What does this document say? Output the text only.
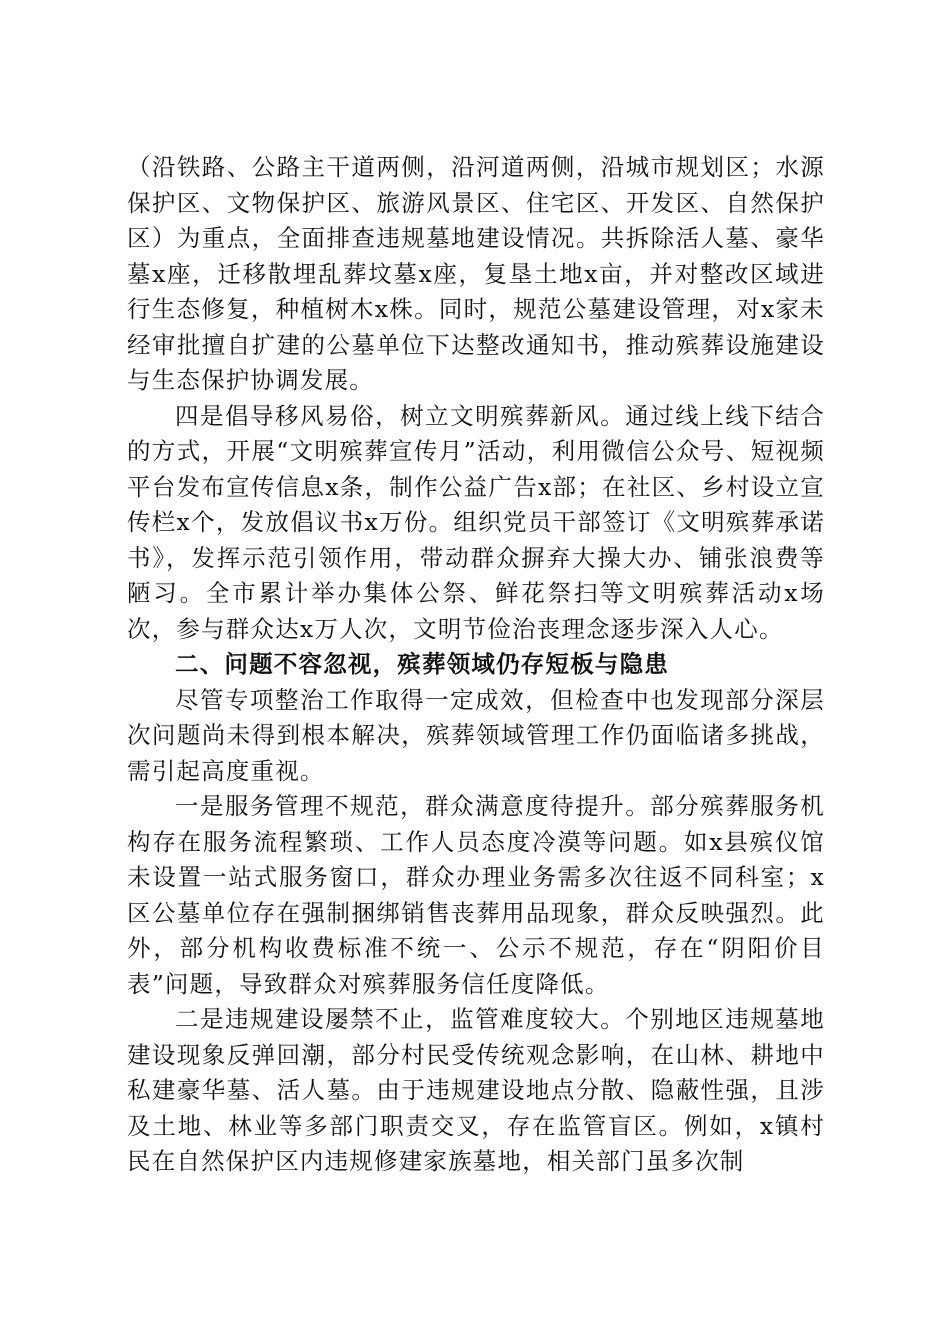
（沿铁路、公路主干道两侧，沿河道两侧，沿城市规划区；水源保护区、文物保护区、旅游风景区、住宅区、开发区、自然保护区）为重点，全面排查违规墓地建设情况。共拆除活人墓、豪华墓x座，迁移散埋乱葬坟墓x座，复垦土地x亩，并对整改区域进行生态修复，种植树木x株。同时，规范公墓建设管理，对x家未经审批擅自扩建的公墓单位下达整改通知书，推动殡葬设施建设与生态保护协调发展。

四是倡导移风易俗，树立文明殡葬新风。通过线上线下结合的方式，开展“文明殡葬宣传月”活动，利用微信公众号、短视频平台发布宣传信息x条，制作公益广告x部；在社区、乡村设立宣传栏x个，发放倡议书x万份。组织党员干部签订《文明殡葬承诺书》，发挥示范引领作用，带动群众摒弃大操大办、铺张浪费等陋习。全市累计举办集体公祭、鲜花祭扫等文明殡葬活动x场次，参与群众达x万人次，文明节俭治丧理念逐步深入人心。

二、问题不容忽视，殡葬领域仍存短板与隐患

尽管专项整治工作取得一定成效，但检查中也发现部分深层次问题尚未得到根本解决，殡葬领域管理工作仍面临诸多挑战，需引起高度重视。

一是服务管理不规范，群众满意度待提升。部分殡葬服务机构存在服务流程繁琐、工作人员态度冷漠等问题。如x县殡仪馆未设置一站式服务窗口，群众办理业务需多次往返不同科室；x区公墓单位存在强制捆绑销售丧葬用品现象，群众反映强烈。此外，部分机构收费标准不统一、公示不规范，存在“阴阳价目表”问题，导致群众对殡葬服务信任度降低。

二是违规建设屡禁不止，监管难度较大。个别地区违规墓地建设现象反弹回潮，部分村民受传统观念影响，在山林、耕地中私建豪华墓、活人墓。由于违规建设地点分散、隐蔽性强，且涉及土地、林业等多部门职责交叉，存在监管盲区。例如，x镇村民在自然保护区内违规修建家族墓地，相关部门虽多次制
